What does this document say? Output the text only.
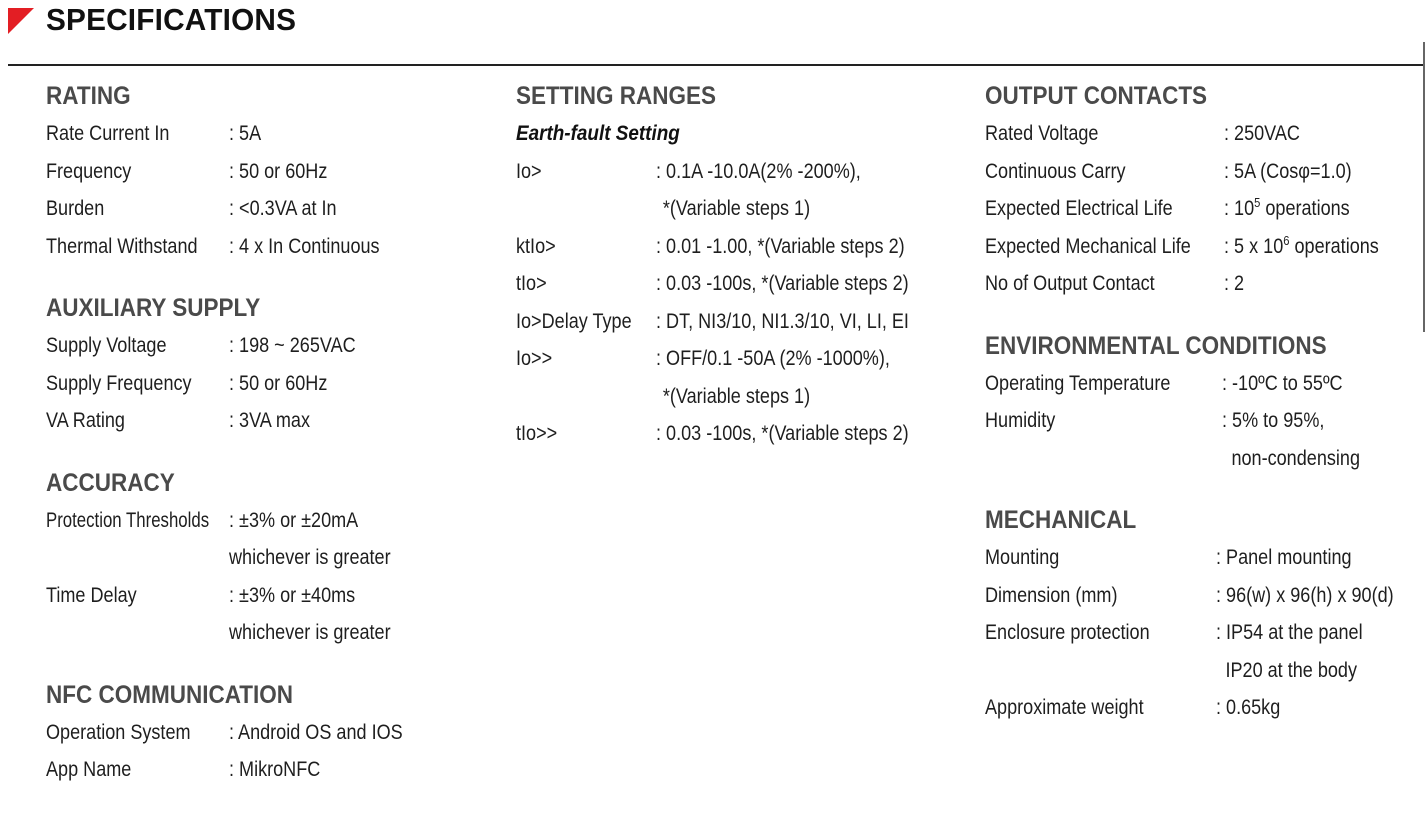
SPECIFICATIONS
RATING
Rate Current In	: 5A
Frequency	: 50 or 60Hz
Burden	: <0.3VA at In
Thermal Withstand : 4 x In Continuous
AUXILIARY SUPPLY
Supply Voltage	: 198 ~ 265VAC
Supply Frequency	: 50 or 60Hz
VA Rating	: 3VA max
ACCURACY
Protection Thresholds : ±3% or ±20mA
whichever is greater
Time Delay	: ±3% or ±40ms
whichever is greater
NFC COMMUNICATION
Operation System	: Android OS and IOS
App Name	: MikroNFC
SETTING RANGES
Earth-fault Setting
Io>	: 0.1A -10.0A(2% -200%),
*(Variable steps 1)
ktIo>	: 0.01 -1.00, *(Variable steps 2)
tIo>	: 0.03 -100s, *(Variable steps 2)
Io>Delay Type : DT, NI3/10, NI1.3/10, VI, LI, EI
Io>>	: OFF/0.1 -50A (2% -1000%),
*(Variable steps 1)
tIo>>	: 0.03 -100s, *(Variable steps 2)
OUTPUT CONTACTS
Rated Voltage	: 250VAC
Continuous Carry	: 5A (Cosφ=1.0)
Expected Electrical Life	: $10^5$ operations
Expected Mechanical Life : 5 x $10^6$ operations
No of Output Contact	: 2
ENVIRONMENTAL CONDITIONS
Operating Temperature	: -10ºC to 55ºC
Humidity	: 5% to 95%,
non-condensing
MECHANICAL
Mounting	: Panel mounting
Dimension (mm)	: 96(w) x 96(h) x 90(d)
Enclosure protection	: IP54 at the panel
IP20 at the body
Approximate weight	: 0.65kg
